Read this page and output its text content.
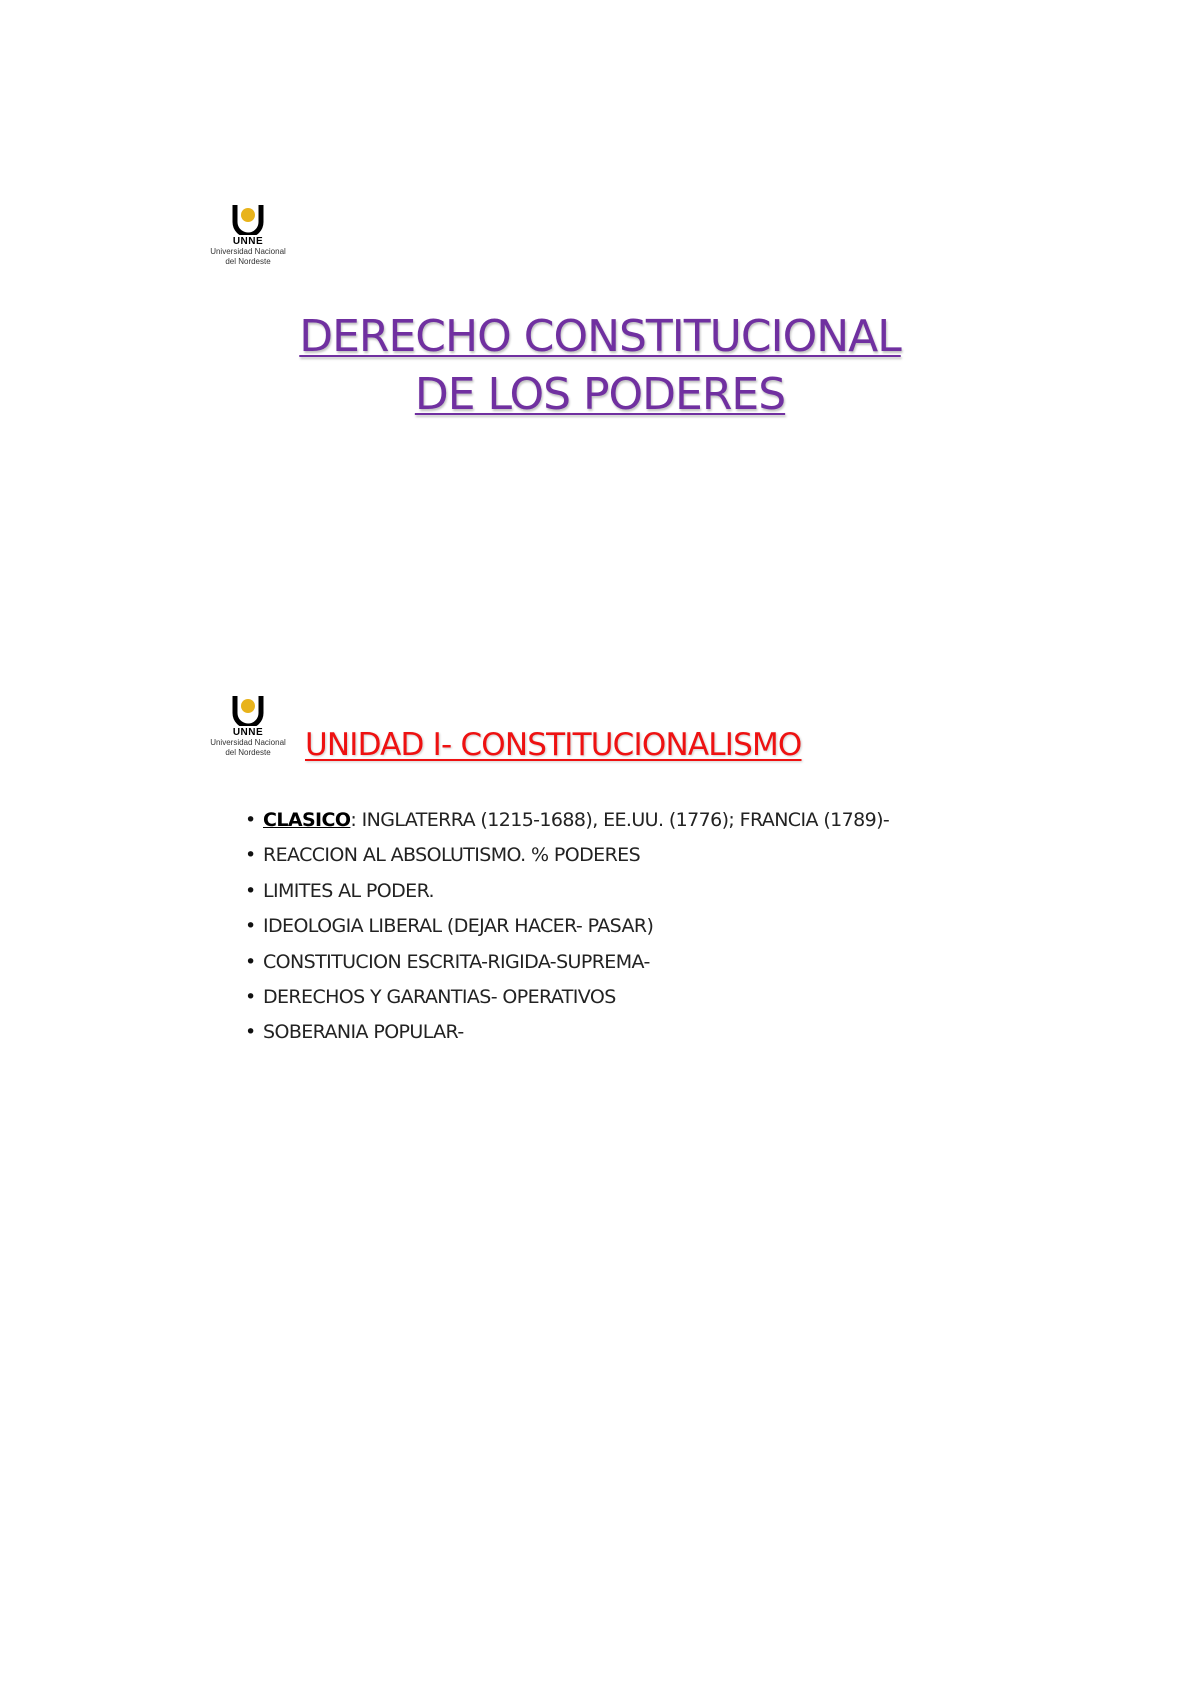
UNNE
Universidad Nacional
del Nordeste
DERECHO CONSTITUCIONAL
DE LOS PODERES
UNNE
Universidad Nacional
del Nordeste	UNIDAD I- CONSTITUCIONALISMO
• CLASICO: INGLATERRA (1215-1688), EE.UU. (1776); FRANCIA (1789)-
• REACCION AL ABSOLUTISMO. % PODERES
• LIMITES AL PODER.
• IDEOLOGIA LIBERAL (DEJAR HACER- PASAR)
• CONSTITUCION ESCRITA-RIGIDA-SUPREMA-
• DERECHOS Y GARANTIAS- OPERATIVOS
• SOBERANIA POPULAR-
